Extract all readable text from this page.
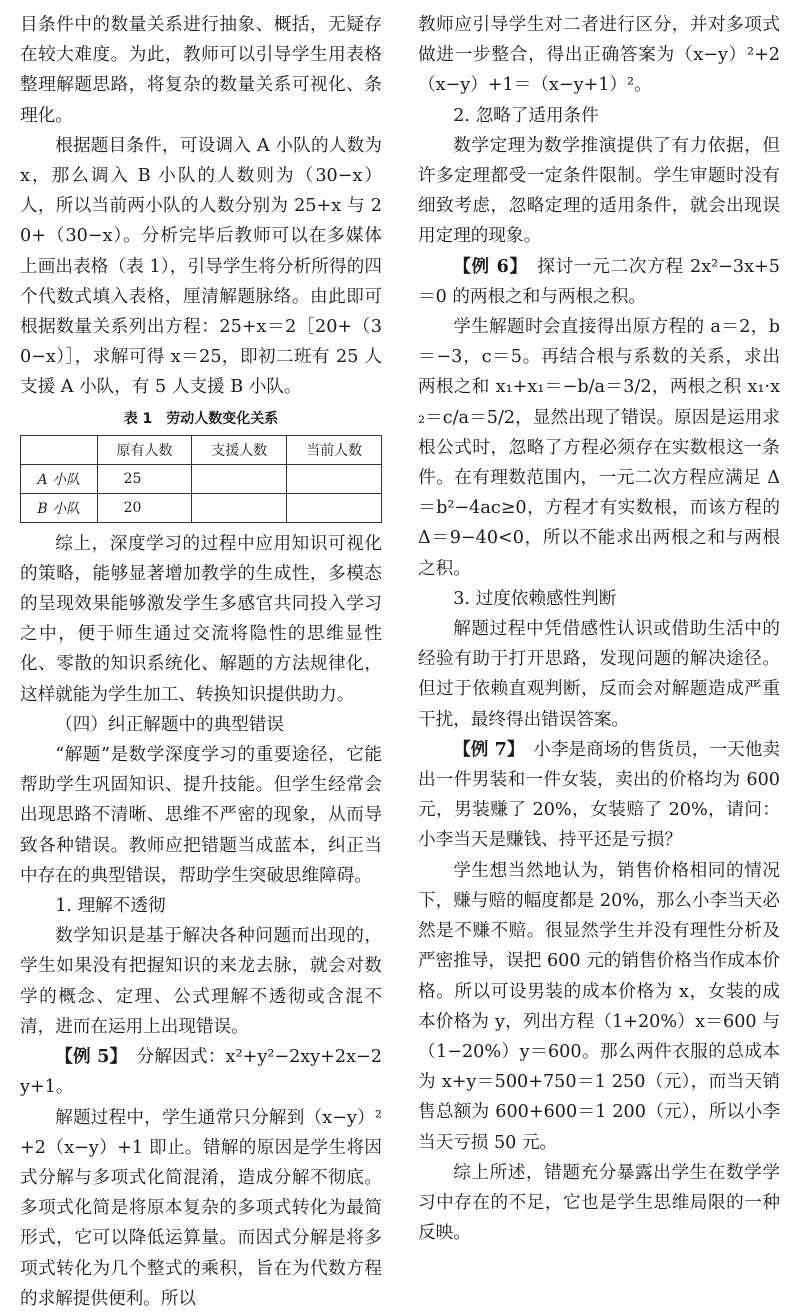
目条件中的数量关系进行抽象、概括，无疑存在较大难度。为此，教师可以引导学生用表格整理解题思路，将复杂的数量关系可视化、条理化。

根据题目条件，可设调入 A 小队的人数为 x，那么调入 B 小队的人数则为（30−x）人，所以当前两小队的人数分别为 25+x 与 20+（30−x）。分析完毕后教师可以在多媒体上画出表格（表 1），引导学生将分析所得的四个代数式填入表格，厘清解题脉络。由此即可根据数量关系列出方程：25+x＝2［20+（30−x）］，求解可得 x＝25，即初二班有 25 人支援 A 小队，有 5 人支援 B 小队。

表 1　劳动人数变化关系
	原有人数	支援人数	当前人数
A 小队	25		
B 小队	20		

综上，深度学习的过程中应用知识可视化的策略，能够显著增加教学的生成性，多模态的呈现效果能够激发学生多感官共同投入学习之中，便于师生通过交流将隐性的思维显性化、零散的知识系统化、解题的方法规律化，这样就能为学生加工、转换知识提供助力。

（四）纠正解题中的典型错误

“解题”是数学深度学习的重要途径，它能帮助学生巩固知识、提升技能。但学生经常会出现思路不清晰、思维不严密的现象，从而导致各种错误。教师应把错题当成蓝本，纠正当中存在的典型错误，帮助学生突破思维障碍。

1. 理解不透彻

数学知识是基于解决各种问题而出现的，学生如果没有把握知识的来龙去脉，就会对数学的概念、定理、公式理解不透彻或含混不清，进而在运用上出现错误。

【例 5】　 分解因式：x²+y²−2xy+2x−2y+1。

解题过程中，学生通常只分解到（x−y）²+2（x−y）+1 即止。错解的原因是学生将因式分解与多项式化简混淆，造成分解不彻底。多项式化简是将原本复杂的多项式转化为最简形式，它可以降低运算量。而因式分解是将多项式转化为几个整式的乘积，旨在为代数方程的求解提供便利。所以

教师应引导学生对二者进行区分，并对多项式做进一步整合，得出正确答案为（x−y）²+2（x−y）+1＝（x−y+1）²。

2. 忽略了适用条件

数学定理为数学推演提供了有力依据，但许多定理都受一定条件限制。学生审题时没有细致考虑，忽略定理的适用条件，就会出现误用定理的现象。

【例 6】　 探讨一元二次方程 2x²−3x+5＝0 的两根之和与两根之积。

学生解题时会直接得出原方程的 a＝2，b＝−3，c＝5。再结合根与系数的关系，求出两根之和 x₁+x₁＝−b/a＝3/2，两根之积 x₁·x₂＝c/a＝5/2，显然出现了错误。原因是运用求根公式时，忽略了方程必须存在实数根这一条件。在有理数范围内，一元二次方程应满足 Δ＝b²−4ac≥0，方程才有实数根，而该方程的 Δ＝9−40<0，所以不能求出两根之和与两根之积。

3. 过度依赖感性判断

解题过程中凭借感性认识或借助生活中的经验有助于打开思路，发现问题的解决途径。但过于依赖直观判断，反而会对解题造成严重干扰，最终得出错误答案。

【例 7】　 小李是商场的售货员，一天他卖出一件男装和一件女装，卖出的价格均为 600 元，男装赚了 20%，女装赔了 20%，请问：小李当天是赚钱、持平还是亏损？

学生想当然地认为，销售价格相同的情况下，赚与赔的幅度都是 20%，那么小李当天必然是不赚不赔。很显然学生并没有理性分析及严密推导，误把 600 元的销售价格当作成本价格。所以可设男装的成本价格为 x，女装的成本价格为 y，列出方程（1+20%）x＝600 与（1−20%）y＝600。那么两件衣服的总成本为 x+y＝500+750＝1 250（元），而当天销售总额为 600+600＝1 200（元），所以小李当天亏损 50 元。

综上所述，错题充分暴露出学生在数学学习中存在的不足，它也是学生思维局限的一种反映。
